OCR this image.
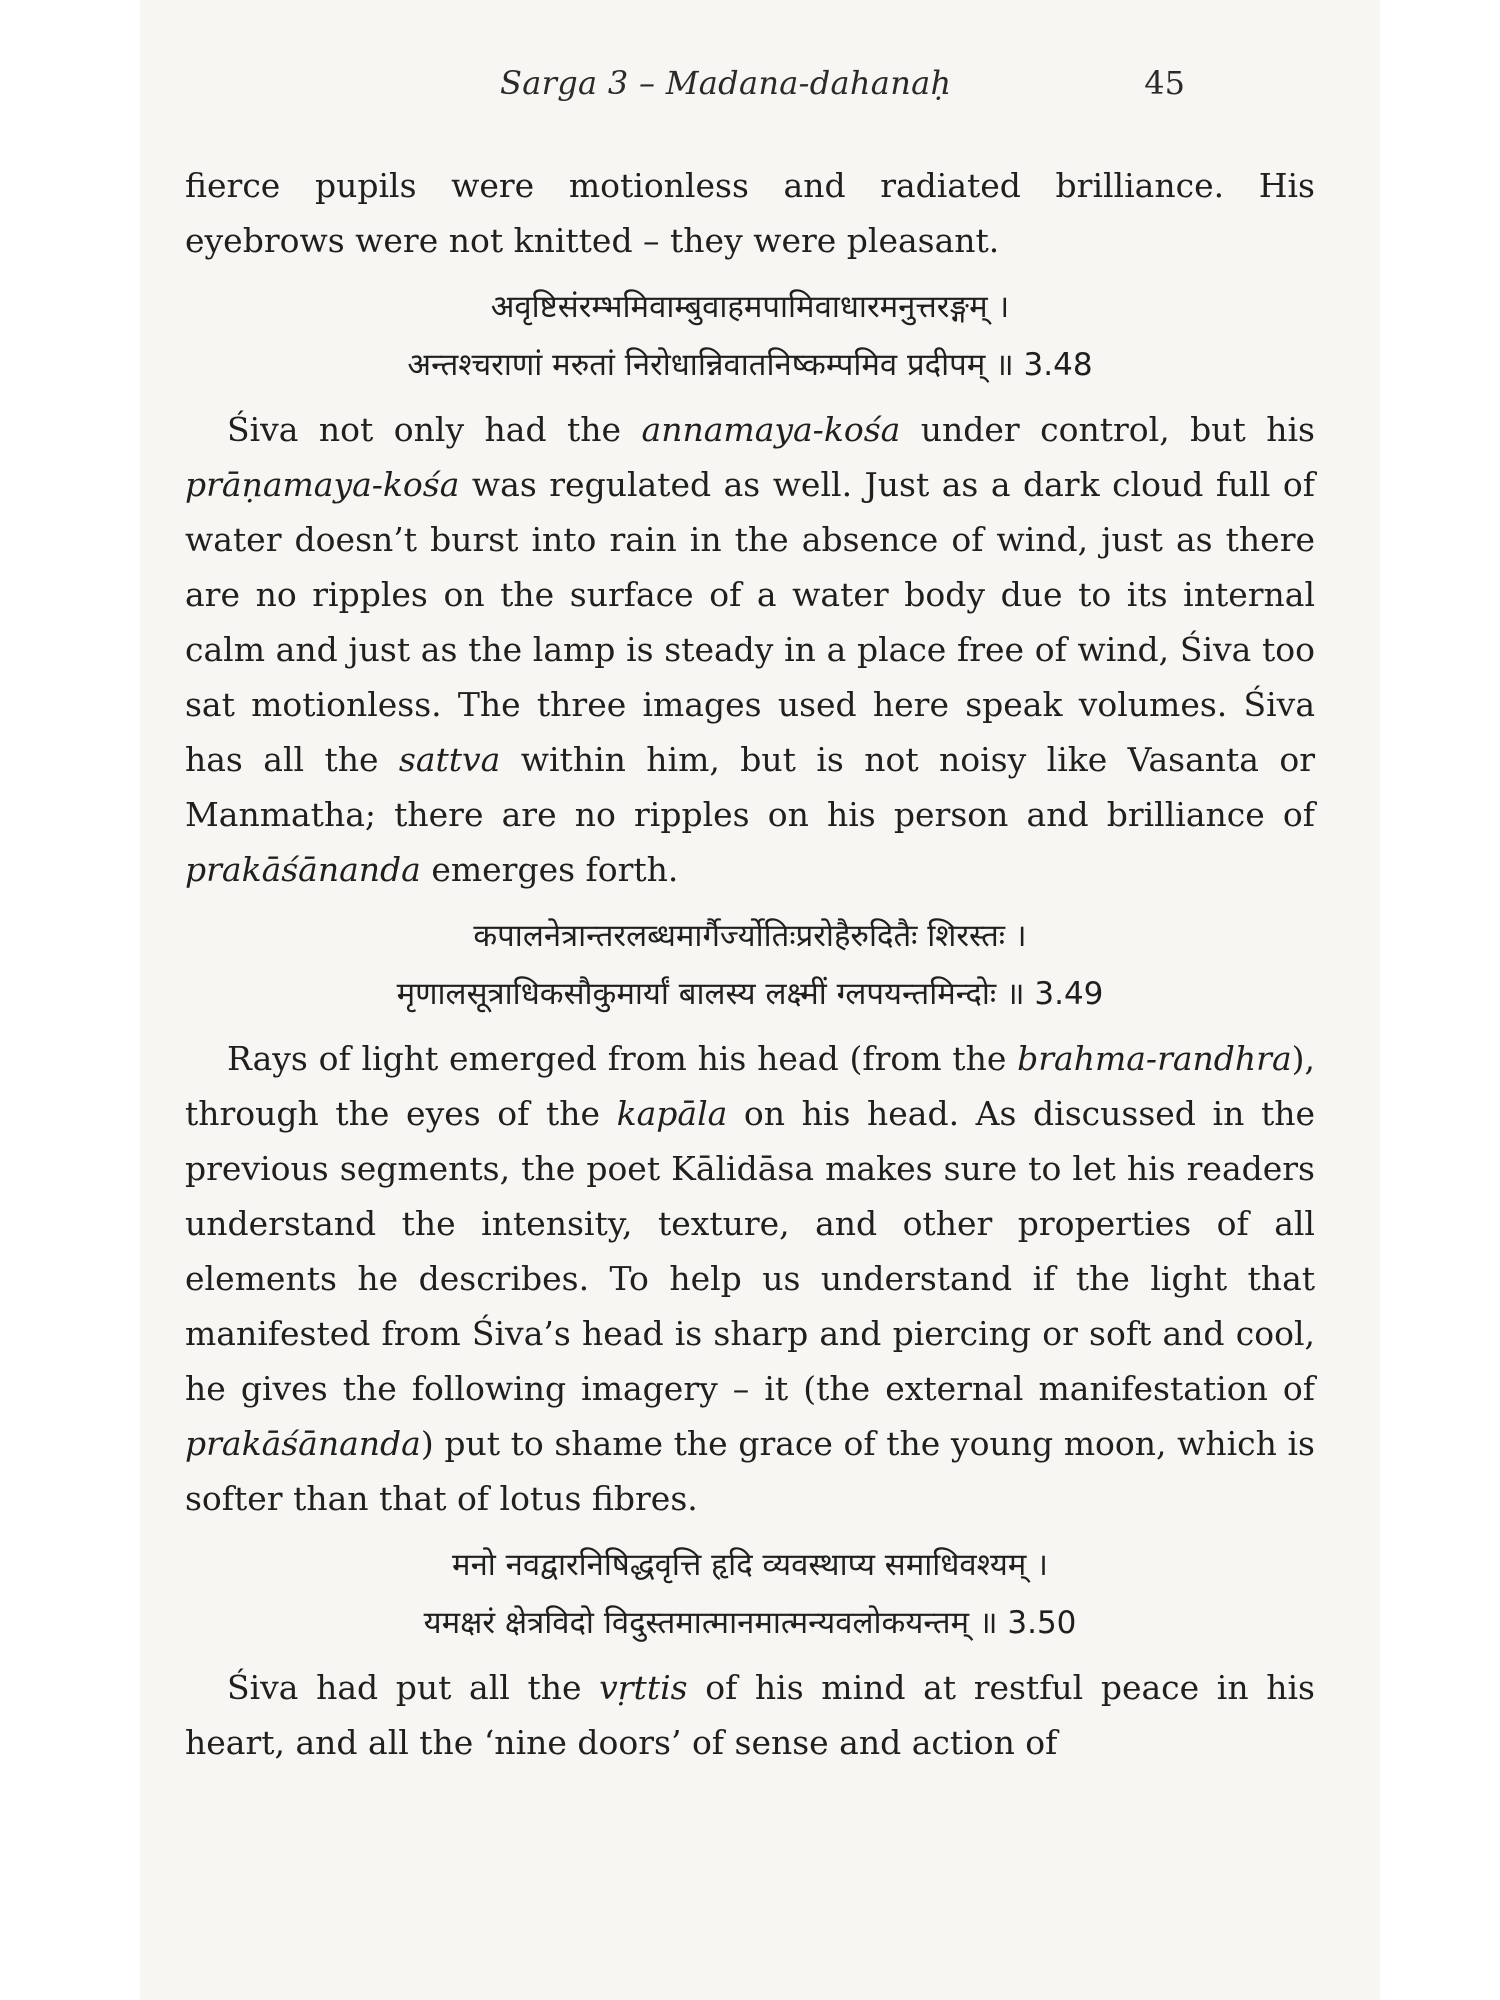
Sarga 3 – Madana-dahanaḥ	45

fierce pupils were motionless and radiated brilliance. His eyebrows were not knitted – they were pleasant.

अवृष्टिसंरम्भमिवाम्बुवाहमपामिवाधारमनुत्तरङ्गम् ।
अन्तश्चराणां मरुतां निरोधान्निवातनिष्कम्पमिव प्रदीपम् ॥ 3.48

Śiva not only had the annamaya-kośa under control, but his prāṇamaya-kośa was regulated as well. Just as a dark cloud full of water doesn’t burst into rain in the absence of wind, just as there are no ripples on the surface of a water body due to its internal calm and just as the lamp is steady in a place free of wind, Śiva too sat motionless. The three images used here speak volumes. Śiva has all the sattva within him, but is not noisy like Vasanta or Manmatha; there are no ripples on his person and brilliance of prakāśānanda emerges forth.

कपालनेत्रान्तरलब्धमार्गैर्ज्योतिःप्ररोहैरुदितैः शिरस्तः ।
मृणालसूत्राधिकसौकुमार्यां बालस्य लक्ष्मीं ग्लपयन्तमिन्दोः ॥ 3.49

Rays of light emerged from his head (from the brahma-randhra), through the eyes of the kapāla on his head. As discussed in the previous segments, the poet Kālidāsa makes sure to let his readers understand the intensity, texture, and other properties of all elements he describes. To help us understand if the light that manifested from Śiva’s head is sharp and piercing or soft and cool, he gives the following imagery – it (the external manifestation of prakāśānanda) put to shame the grace of the young moon, which is softer than that of lotus fibres.

मनो नवद्वारनिषिद्धवृत्ति हृदि व्यवस्थाप्य समाधिवश्यम् ।
यमक्षरं क्षेत्रविदो विदुस्तमात्मानमात्मन्यवलोकयन्तम् ॥ 3.50

Śiva had put all the vṛttis of his mind at restful peace in his heart, and all the ‘nine doors’ of sense and action of
